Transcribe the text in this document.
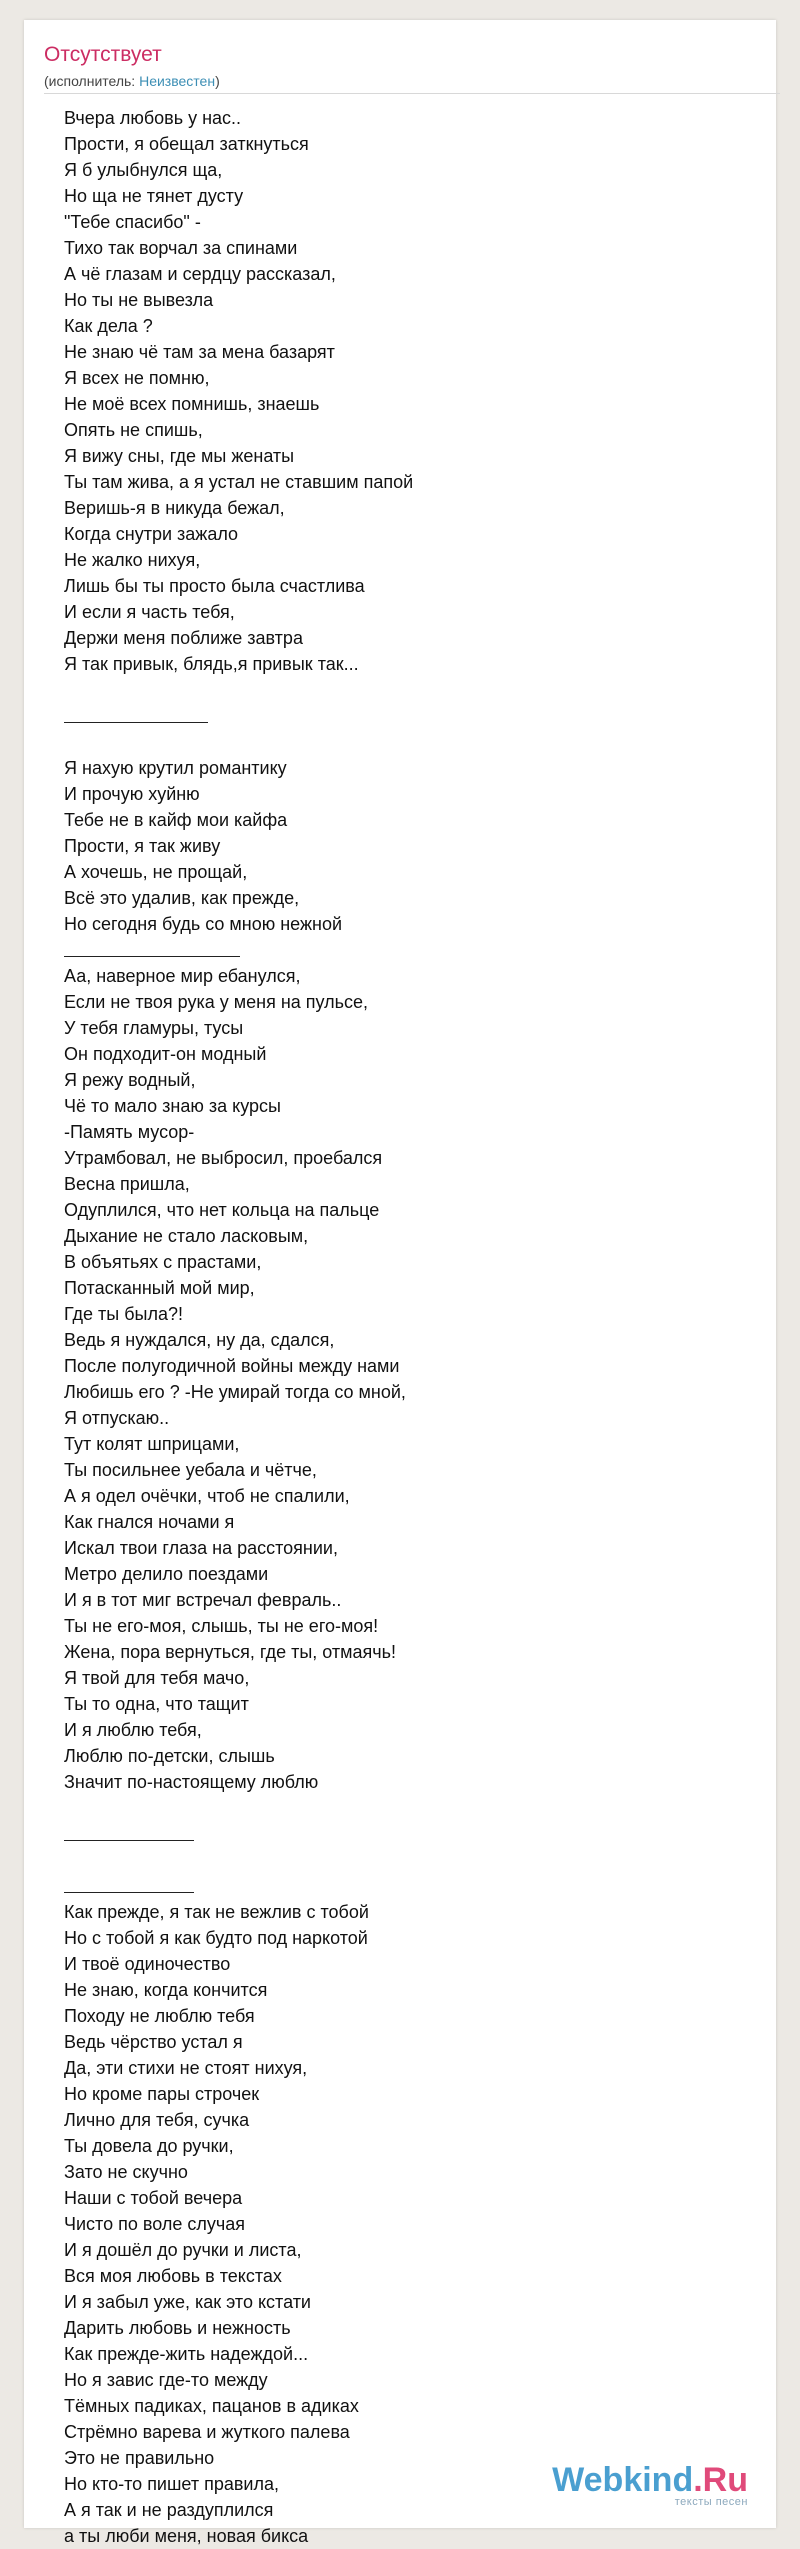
Отсутствует
(исполнитель: Неизвестен)
Вчера любовь у нас..
Прости, я обещал заткнуться
Я б улыбнулся ща,
Но ща не тянет дусту
"Тебе спасибо" -
Тихо так ворчал за спинами
А чё глазам и сердцу рассказал,
Но ты не вывезла
Как дела ?
Не знаю чё там за мена базарят
Я всех не помню,
Не моё всех помнишь, знаешь
Опять не спишь,
Я вижу сны, где мы женаты
Ты там жива, а я устал не ставшим папой
Веришь-я в никуда бежал,
Когда снутри зажало
Не жалко нихуя,
Лишь бы ты просто была счастлива
И если я часть тебя,
Держи меня поближе завтра
Я так привык, блядь,я привык так...
Я нахую крутил романтику
И прочую хуйню
Тебе не в кайф мои кайфа
Прости, я так живу
А хочешь, не прощай,
Всё это удалив, как прежде,
Но сегодня будь со мною нежной
Аа, наверное мир ебанулся,
Если не твоя рука у меня на пульсе,
У тебя гламуры, тусы
Он подходит-он модный
Я режу водный,
Чё то мало знаю за курсы
-Память мусор-
Утрамбовал, не выбросил, проебался
Весна пришла,
Одуплился, что нет кольца на пальце
Дыхание не стало ласковым,
В объятьях с прастами,
Потасканный мой мир,
Где ты была?!
Ведь я нуждался, ну да, сдался,
После полугодичной войны между нами
Любишь его ? -Не умирай тогда со мной,
Я отпускаю..
Тут колят шприцами,
Ты посильнее уебала и чётче,
А я одел очёчки, чтоб не спалили,
Как гнался ночами я
Искал твои глаза на расстоянии,
Метро делило поездами
И я в тот миг встречал февраль..
Ты не его-моя, слышь, ты не его-моя!
Жена, пора вернуться, где ты, отмаячь!
Я твой для тебя мачо,
Ты то одна, что тащит
И я люблю тебя,
Люблю по-детски, слышь
Значит по-настоящему люблю
Как прежде, я так не вежлив с тобой
Но с тобой я как будто под наркотой
И твоё одиночество
Не знаю, когда кончится
Походу не люблю тебя
Ведь чёрство устал я
Да, эти стихи не стоят нихуя,
Но кроме пары строчек
Лично для тебя, сучка
Ты довела до ручки,
Зато не скучно
Наши с тобой вечера
Чисто по воле случая
И я дошёл до ручки и листа,
Вся моя любовь в текстах
И я забыл уже, как это кстати
Дарить любовь и нежность
Как прежде-жить надеждой...
Но я завис где-то между
Тёмных падиках, пацанов в адиках
Стрёмно варева и жуткого палева
Это не правильно
Но кто-то пишет правила,
А я так и не раздуплился
а ты люби меня, новая бикса
Webkind.Ru
тексты песен
